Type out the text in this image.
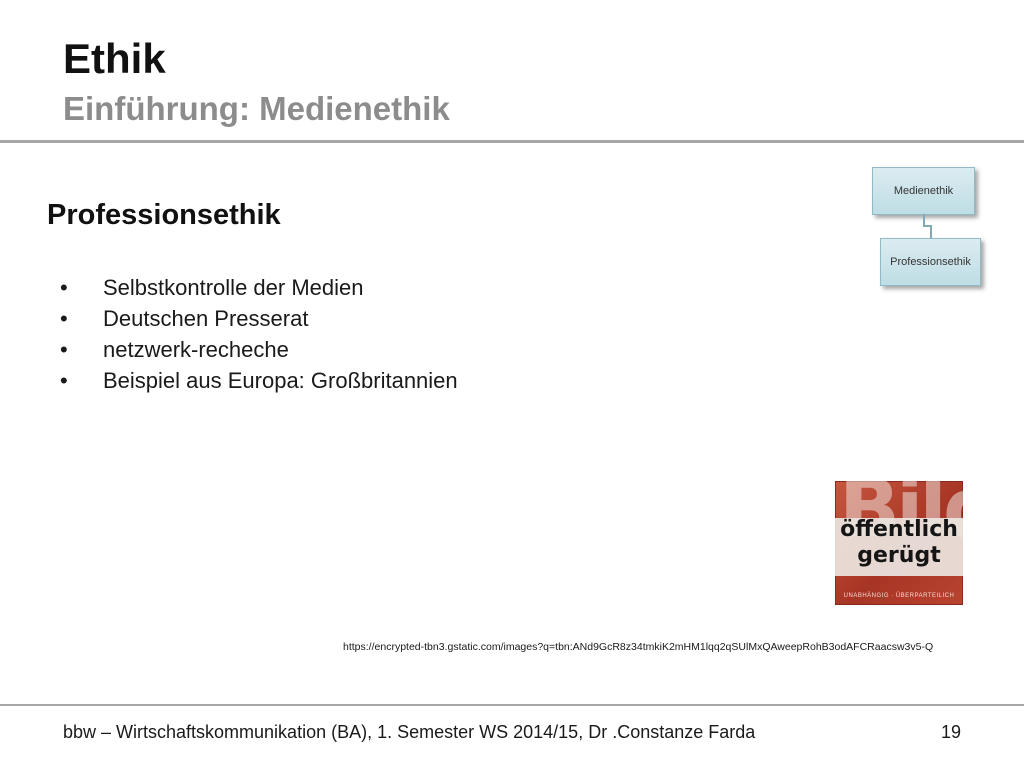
Ethik
Einführung: Medienethik
Professionsethik
• Selbstkontrolle der Medien
• Deutschen Presserat
• netzwerk-recheche
• Beispiel aus Europa: Großbritannien
Medienethik
Professionsethik
öffentlich
gerügt
UNABHÄNGIG · ÜBERPARTEILICH
https://encrypted-tbn3.gstatic.com/images?q=tbn:ANd9GcR8z34tmkiK2mHM1lqq2qSUlMxQAweepRohB3odAFCRaacsw3v5-Q
bbw – Wirtschaftskommunikation (BA), 1. Semester WS 2014/15, Dr .Constanze Farda	19
